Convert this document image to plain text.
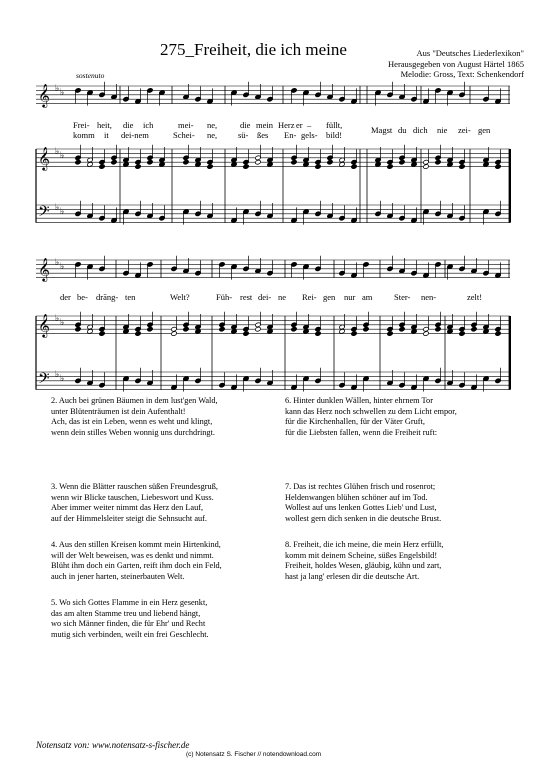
275_Freiheit, die ich meine	Aus "Deutsches Liederlexikon"
Herausgegeben von August Härtel 1865
Melodie: Gross, Text: Schenkendorf
sostenuto
𝄞 ♭ ♭
𝄞 ♭ ♭
𝄢 ♭ ♭
𝄞 ♭ ♭
𝄞 ♭ ♭
𝄢 ♭ ♭
Frei- heit, die ich	mei- ne,	die mein Herz er – füllt,
komm it dei-nem	Schei- ne, sü- ßes En- gels- bild!	Magst du dich nie zei- gen
der be- drāng- ten	Welt?	Füh- rest dei- ne Rei- gen nur am	Ster- nen-	zelt!
2. Auch bei grünen Bäumen in dem lust'gen Wald,
unter Blütenträumen ist dein Aufenthalt!
Ach, das ist ein Leben, wenn es weht und klingt,
wenn dein stilles Weben wonnig uns durchdringt.
3. Wenn die Blätter rauschen süßen Freundesgruß,
wenn wir Blicke tauschen, Liebeswort und Kuss.
Aber immer weiter nimmt das Herz den Lauf,
auf der Himmelsleiter steigt die Sehnsucht auf.
4. Aus den stillen Kreisen kommt mein Hirtenkind,
will der Welt beweisen, was es denkt und nimmt.
Blüht ihm doch ein Garten, reift ihm doch ein Feld,
auch in jener harten, steinerbauten Welt.
5. Wo sich Gottes Flamme in ein Herz gesenkt,
das am alten Stamme treu und liebend hängt,
wo sich Männer finden, die für Ehr' und Recht
mutig sich verbinden, weilt ein frei Geschlecht.
6. Hinter dunklen Wällen, hinter ehrnem Tor
kann das Herz noch schwellen zu dem Licht empor,
für die Kirchenhallen, für der Väter Gruft,
für die Liebsten fallen, wenn die Freiheit ruft:
7. Das ist rechtes Glühen frisch und rosenrot;
Heldenwangen blühen schöner auf im Tod.
Wollest auf uns lenken Gottes Lieb' und Lust,
wollest gern dich senken in die deutsche Brust.
8. Freiheit, die ich meine, die mein Herz erfüllt,
komm mit deinem Scheine, süßes Engelsbild!
Freiheit, holdes Wesen, gläubig, kühn und zart,
hast ja lang' erlesen dir die deutsche Art.
Notensatz von: www.notensatz-s-fischer.de
(c) Notensatz S. Fischer // notendownload.com
